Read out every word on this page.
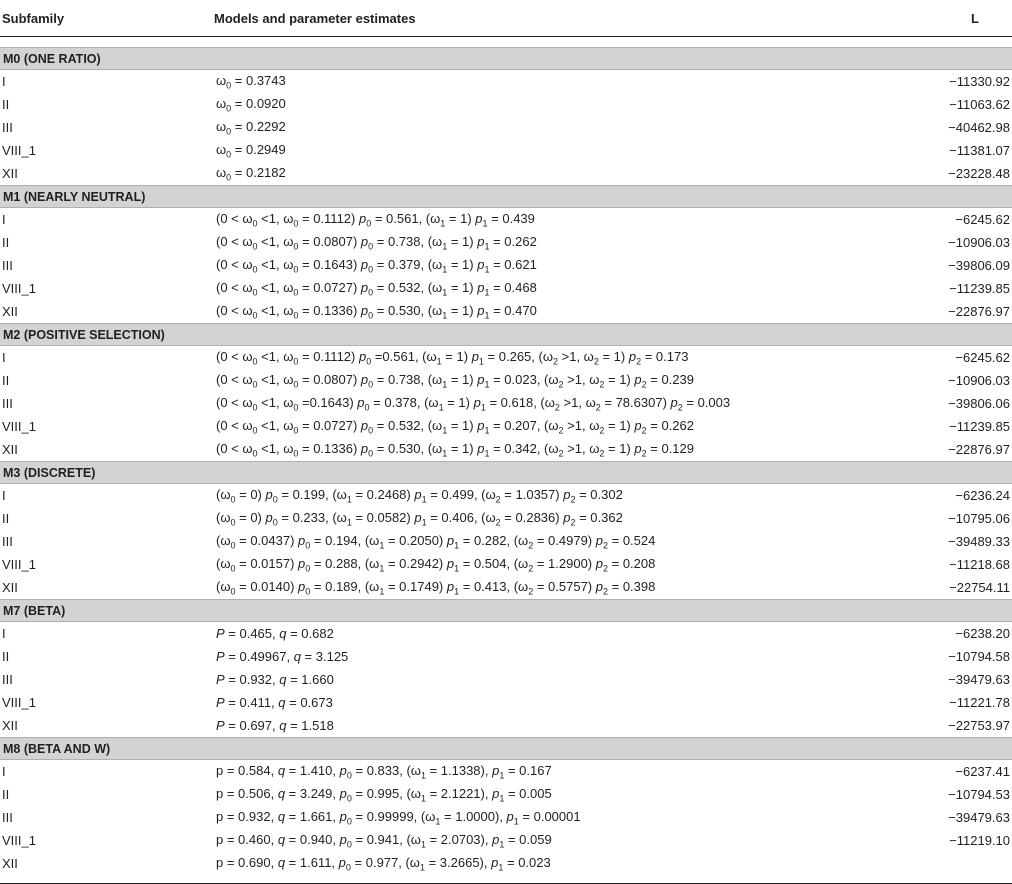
Subfamily	Models and parameter estimates	L

M0 (ONE RATIO)		
I	$\omega_0 = 0.3743$	−11330.92
II	$\omega_0 = 0.0920$	−11063.62
III	$\omega_0 = 0.2292$	−40462.98
VIII_1	$\omega_0 = 0.2949$	−11381.07
XII	$\omega_0 = 0.2182$	−23228.48
M1 (NEARLY NEUTRAL)		
I	($0 < \omega_0 <1$, $\omega_0 = 0.1112$) $p_0 = 0.561$, $(\omega_1 = 1) p_1 = 0.439$	−6245.62
II	($0 < \omega_0 <1$, $\omega_0 = 0.0807$) $p_0 = 0.738$, $(\omega_1 = 1) p_1 = 0.262$	−10906.03
III	($0 < \omega_0 <1$, $\omega_0 = 0.1643$) $p_0 = 0.379$, $(\omega_1 = 1) p_1 = 0.621$	−39806.09
VIII_1	($0 < \omega_0 <1$, $\omega_0 = 0.0727$) $p_0 = 0.532$, $(\omega_1 = 1) p_1 = 0.468$	−11239.85
XII	($0 < \omega_0 <1$, $\omega_0 = 0.1336$) $p_0 = 0.530$, $(\omega_1 = 1) p_1 = 0.470$	−22876.97
M2 (POSITIVE SELECTION)		
I	($0 < \omega_0 <1$, $\omega_0 = 0.1112$) $p_0 =0.561$, $(\omega_1 = 1) p_1 = 0.265$, ($\omega_2 >1$, $\omega_2 = 1$) $p_2 = 0.173$	−6245.62
II	($0 < \omega_0 <1$, $\omega_0 = 0.0807$) $p_0 = 0.738$, $(\omega_1 = 1) p_1 = 0.023$, ($\omega_2 >1$, $\omega_2 = 1$) $p_2 = 0.239$	−10906.03
III	($0 < \omega_0 <1$, $\omega_0 =0.1643$) $p_0 = 0.378$, $(\omega_1 = 1) p_1 = 0.618$, ($\omega_2 >1$, $\omega_2 = 78.6307$) $p_2 = 0.003$	−39806.06
VIII_1	($0 < \omega_0 <1$, $\omega_0 = 0.0727$) $p_0 = 0.532$, $(\omega_1 = 1) p_1 = 0.207$, ($\omega_2 >1$, $\omega_2 = 1$) $p_2 = 0.262$	−11239.85
XII	($0 < \omega_0 <1$, $\omega_0 = 0.1336$) $p_0 = 0.530$, $(\omega_1 = 1) p_1 = 0.342$, ($\omega_2 >1$, $\omega_2 = 1$) $p_2 = 0.129$	−22876.97
M3 (DISCRETE)		
I	$(\omega_0 = 0) p_0 = 0.199$, $(\omega_1 = 0.2468) p_1 = 0.499$, $(\omega_2 = 1.0357) p_2 = 0.302$	−6236.24
II	$(\omega_0 = 0) p_0 = 0.233$, $(\omega_1 = 0.0582) p_1 = 0.406$, $(\omega_2 = 0.2836) p_2 = 0.362$	−10795.06
III	$(\omega_0 = 0.0437) p_0 = 0.194$, $(\omega_1 = 0.2050) p_1 = 0.282$, $(\omega_2 = 0.4979) p_2 = 0.524$	−39489.33
VIII_1	$(\omega_0 = 0.0157) p_0 = 0.288$, $(\omega_1 = 0.2942) p_1 = 0.504$, $(\omega_2 = 1.2900) p_2 = 0.208$	−11218.68
XII	$(\omega_0 = 0.0140) p_0 = 0.189$, $(\omega_1 = 0.1749) p_1 = 0.413$, $(\omega_2 = 0.5757) p_2 = 0.398$	−22754.11
M7 (BETA)		
I	P = 0.465, q = 0.682	−6238.20
II	P = 0.49967, q = 3.125	−10794.58
III	P = 0.932, q = 1.660	−39479.63
VIII_1	P = 0.411, q = 0.673	−11221.78
XII	P = 0.697, q = 1.518	−22753.97
M8 (BETA AND W)		
I	p = 0.584, q = 1.410, $p_0 = 0.833$, $(\omega_1 = 1.1338)$, $p_1 = 0.167$	−6237.41
II	p = 0.506, q = 3.249, $p_0 = 0.995$, $(\omega_1 = 2.1221)$, $p_1 = 0.005$	−10794.53
III	p = 0.932, q = 1.661, $p_0 = 0.99999$, $(\omega_1 = 1.0000)$, $p_1 = 0.00001$	−39479.63
VIII_1	p = 0.460, q = 0.940, $p_0 = 0.941$, $(\omega_1 = 2.0703)$, $p_1 = 0.059$	−11219.10
XII	p = 0.690, q = 1.611, $p_0 = 0.977$, $(\omega_1 = 3.2665)$, $p_1 = 0.023$	
